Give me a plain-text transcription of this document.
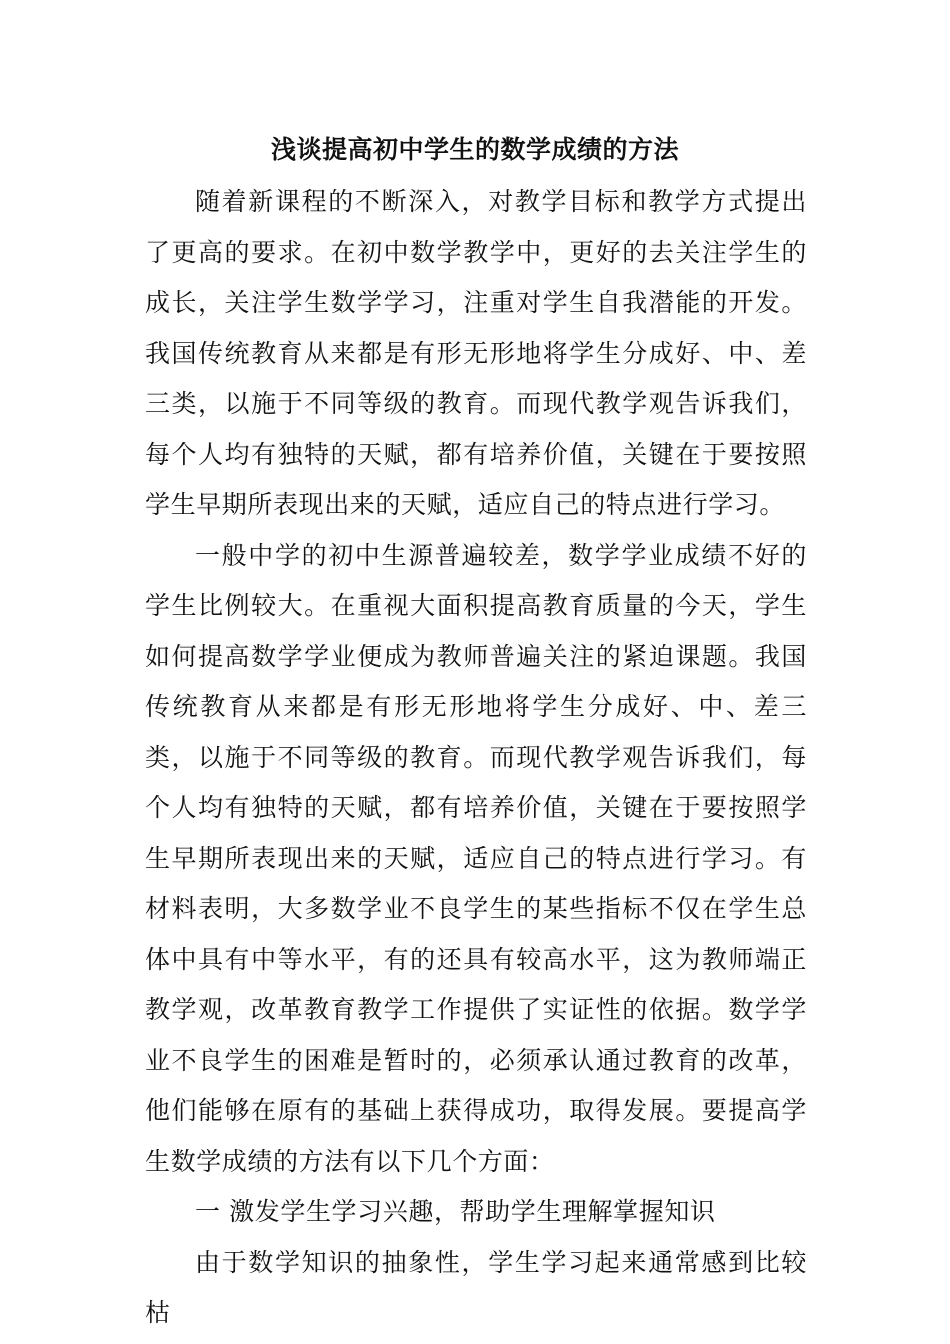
浅谈提高初中学生的数学成绩的方法

随着新课程的不断深入，对教学目标和教学方式提出了更高的要求。在初中数学教学中，更好的去关注学生的成长，关注学生数学学习，注重对学生自我潜能的开发。 我国传统教育从来都是有形无形地将学生分成好、中、差三类，以施于不同等级的教育。而现代教学观告诉我们，每个人均有独特的天赋，都有培养价值，关键在于要按照学生早期所表现出来的天赋，适应自己的特点进行学习。

一般中学的初中生源普遍较差，数学学业成绩不好的学生比例较大。在重视大面积提高教育质量的今天，学生如何提高数学学业便成为教师普遍关注的紧迫课题。我国传统教育从来都是有形无形地将学生分成好、中、差三类，以施于不同等级的教育。而现代教学观告诉我们，每个人均有独特的天赋，都有培养价值，关键在于要按照学生早期所表现出来的天赋，适应自己的特点进行学习。有材料表明，大多数学业不良学生的某些指标不仅在学生总体中具有中等水平，有的还具有较高水平，这为教师端正教学观，改革教育教学工作提供了实证性的依据。数学学业不良学生的困难是暂时的，必须承认通过教育的改革，他们能够在原有的基础上获得成功，取得发展。要提高学生数学成绩的方法有以下几个方面：

一 激发学生学习兴趣，帮助学生理解掌握知识

由于数学知识的抽象性，学生学习起来通常感到比较枯
